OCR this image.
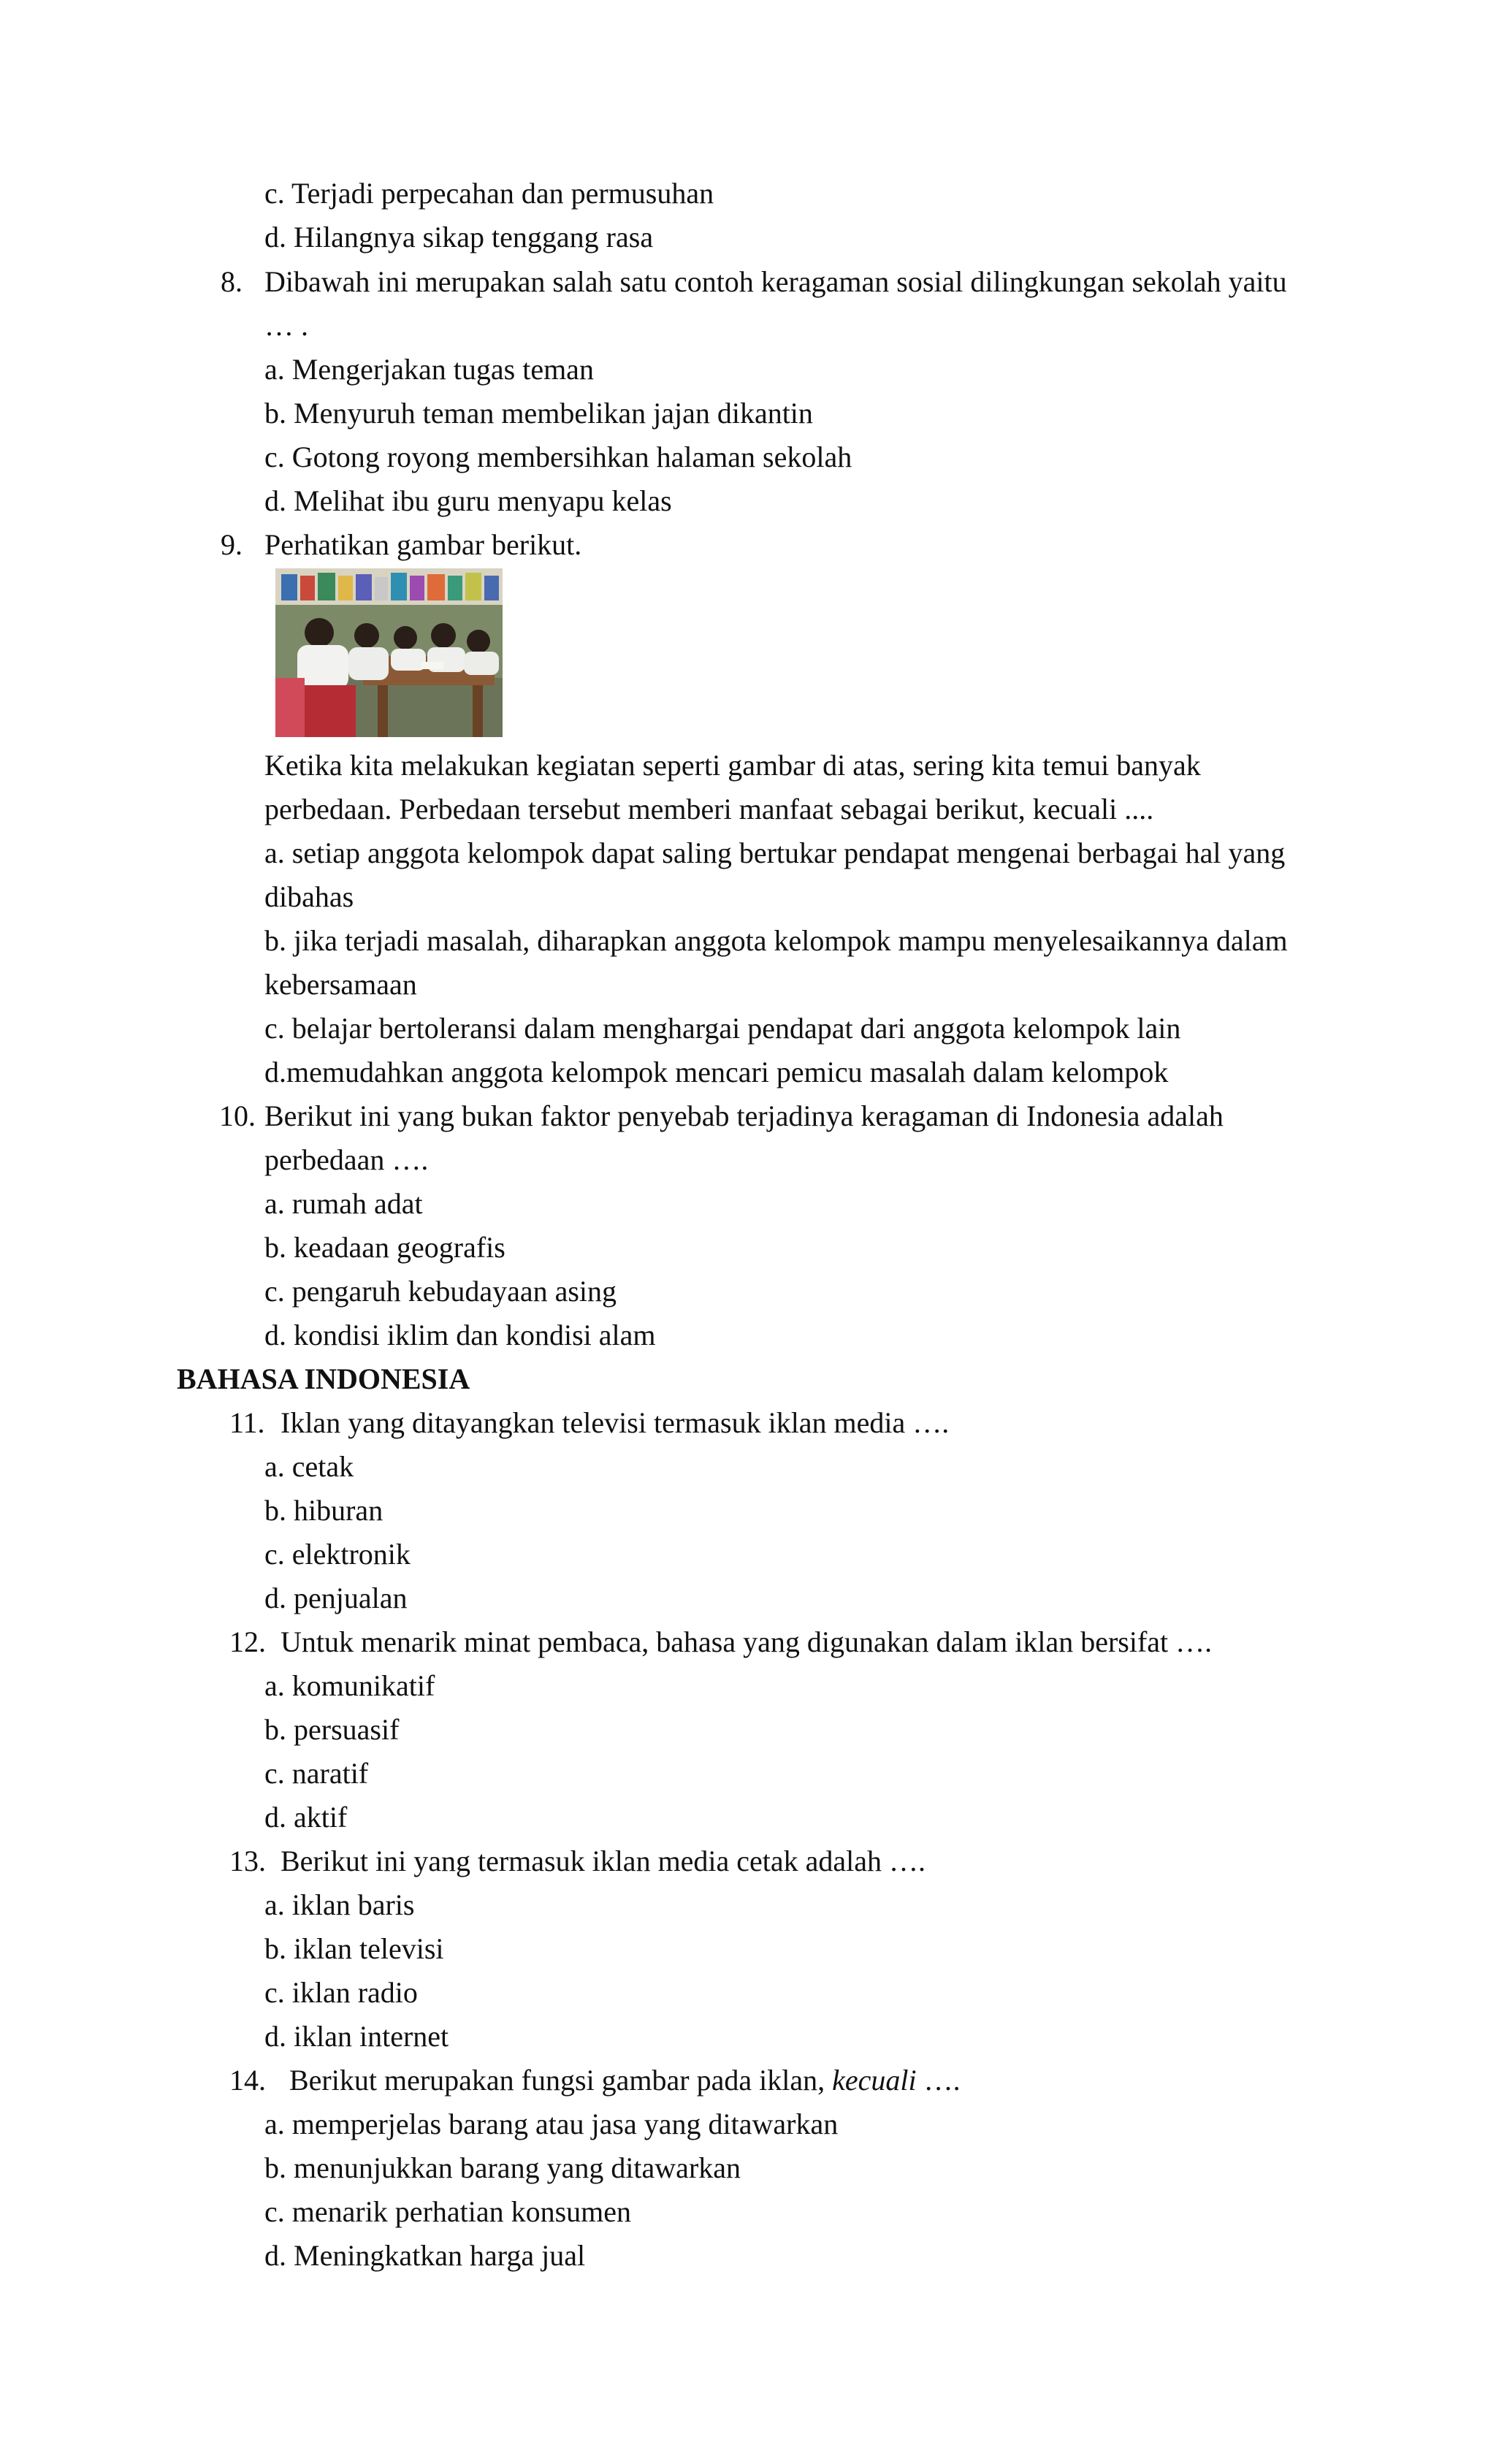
c. Terjadi perpecahan dan permusuhan

d. Hilangnya sikap tenggang rasa

8. Dibawah ini merupakan salah satu contoh keragaman sosial dilingkungan sekolah yaitu

… .

a. Mengerjakan tugas teman

b. Menyuruh teman membelikan jajan dikantin

c. Gotong royong membersihkan halaman sekolah

d. Melihat ibu guru menyapu kelas

9. Perhatikan gambar berikut.

Ketika kita melakukan kegiatan seperti gambar di atas, sering kita temui banyak

perbedaan. Perbedaan tersebut memberi manfaat sebagai berikut, kecuali ....

a. setiap anggota kelompok dapat saling bertukar pendapat mengenai berbagai hal yang

dibahas

b. jika terjadi masalah, diharapkan anggota kelompok mampu menyelesaikannya dalam

kebersamaan

c. belajar bertoleransi dalam menghargai pendapat dari anggota kelompok lain

d.memudahkan anggota kelompok mencari pemicu masalah dalam kelompok

10. Berikut ini yang bukan faktor penyebab terjadinya keragaman di Indonesia adalah

perbedaan ….

a. rumah adat

b. keadaan geografis

c. pengaruh kebudayaan asing

d. kondisi iklim dan kondisi alam

BAHASA INDONESIA

11. Iklan yang ditayangkan televisi termasuk iklan media ….

a. cetak

b. hiburan

c. elektronik

d. penjualan

12. Untuk menarik minat pembaca, bahasa yang digunakan dalam iklan bersifat ….

a. komunikatif

b. persuasif

c. naratif

d. aktif

13. Berikut ini yang termasuk iklan media cetak adalah ….

a. iklan baris

b. iklan televisi

c. iklan radio

d. iklan internet

14. Berikut merupakan fungsi gambar pada iklan, kecuali ….

a. memperjelas barang atau jasa yang ditawarkan

b. menunjukkan barang yang ditawarkan

c. menarik perhatian konsumen

d. Meningkatkan harga jual
